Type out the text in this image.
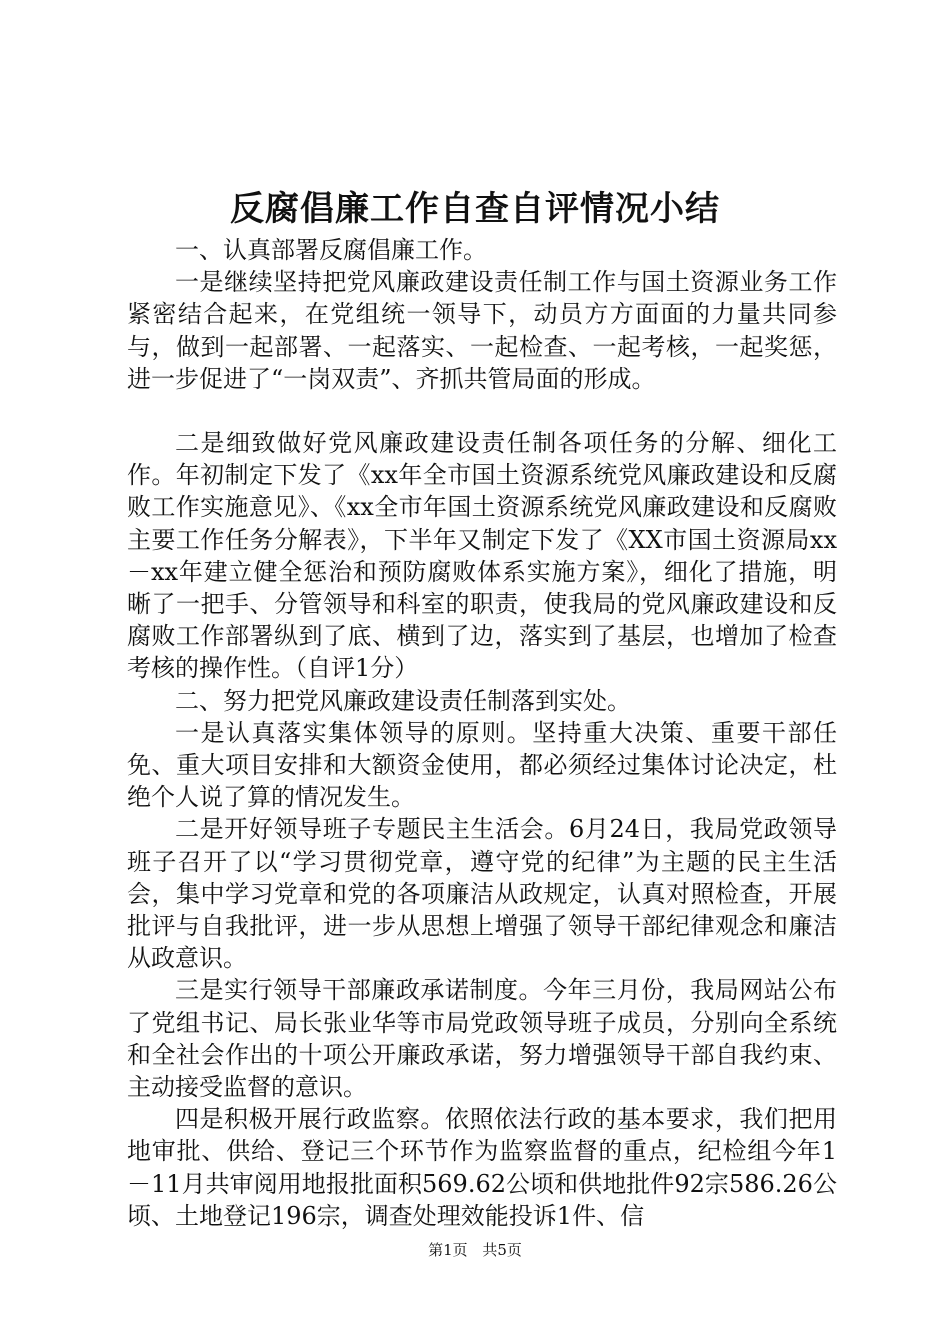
反腐倡廉工作自查自评情况小结

一、认真部署反腐倡廉工作。

一是继续坚持把党风廉政建设责任制工作与国土资源业务工作紧密结合起来，在党组统一领导下，动员方方面面的力量共同参与，做到一起部署、一起落实、一起检查、一起考核，一起奖惩，进一步促进了“一岗双责”、齐抓共管局面的形成。

二是细致做好党风廉政建设责任制各项任务的分解、细化工作。年初制定下发了《xx年全市国土资源系统党风廉政建设和反腐败工作实施意见》、《xx全市年国土资源系统党风廉政建设和反腐败主要工作任务分解表》，下半年又制定下发了《XX市国土资源局xx－xx年建立健全惩治和预防腐败体系实施方案》，细化了措施，明晰了一把手、分管领导和科室的职责，使我局的党风廉政建设和反腐败工作部署纵到了底、横到了边，落实到了基层，也增加了检查考核的操作性。（自评1分）

二、努力把党风廉政建设责任制落到实处。

一是认真落实集体领导的原则。坚持重大决策、重要干部任免、重大项目安排和大额资金使用，都必须经过集体讨论决定，杜绝个人说了算的情况发生。

二是开好领导班子专题民主生活会。6月24日，我局党政领导班子召开了以“学习贯彻党章，遵守党的纪律”为主题的民主生活会，集中学习党章和党的各项廉洁从政规定，认真对照检查，开展批评与自我批评，进一步从思想上增强了领导干部纪律观念和廉洁从政意识。

三是实行领导干部廉政承诺制度。今年三月份，我局网站公布了党组书记、局长张业华等市局党政领导班子成员，分别向全系统和全社会作出的十项公开廉政承诺，努力增强领导干部自我约束、主动接受监督的意识。

四是积极开展行政监察。依照依法行政的基本要求，我们把用地审批、供给、登记三个环节作为监察监督的重点，纪检组今年1－11月共审阅用地报批面积569.62公顷和供地批件92宗586.26公顷、土地登记196宗，调查处理效能投诉1件、信

第1页 共5页
